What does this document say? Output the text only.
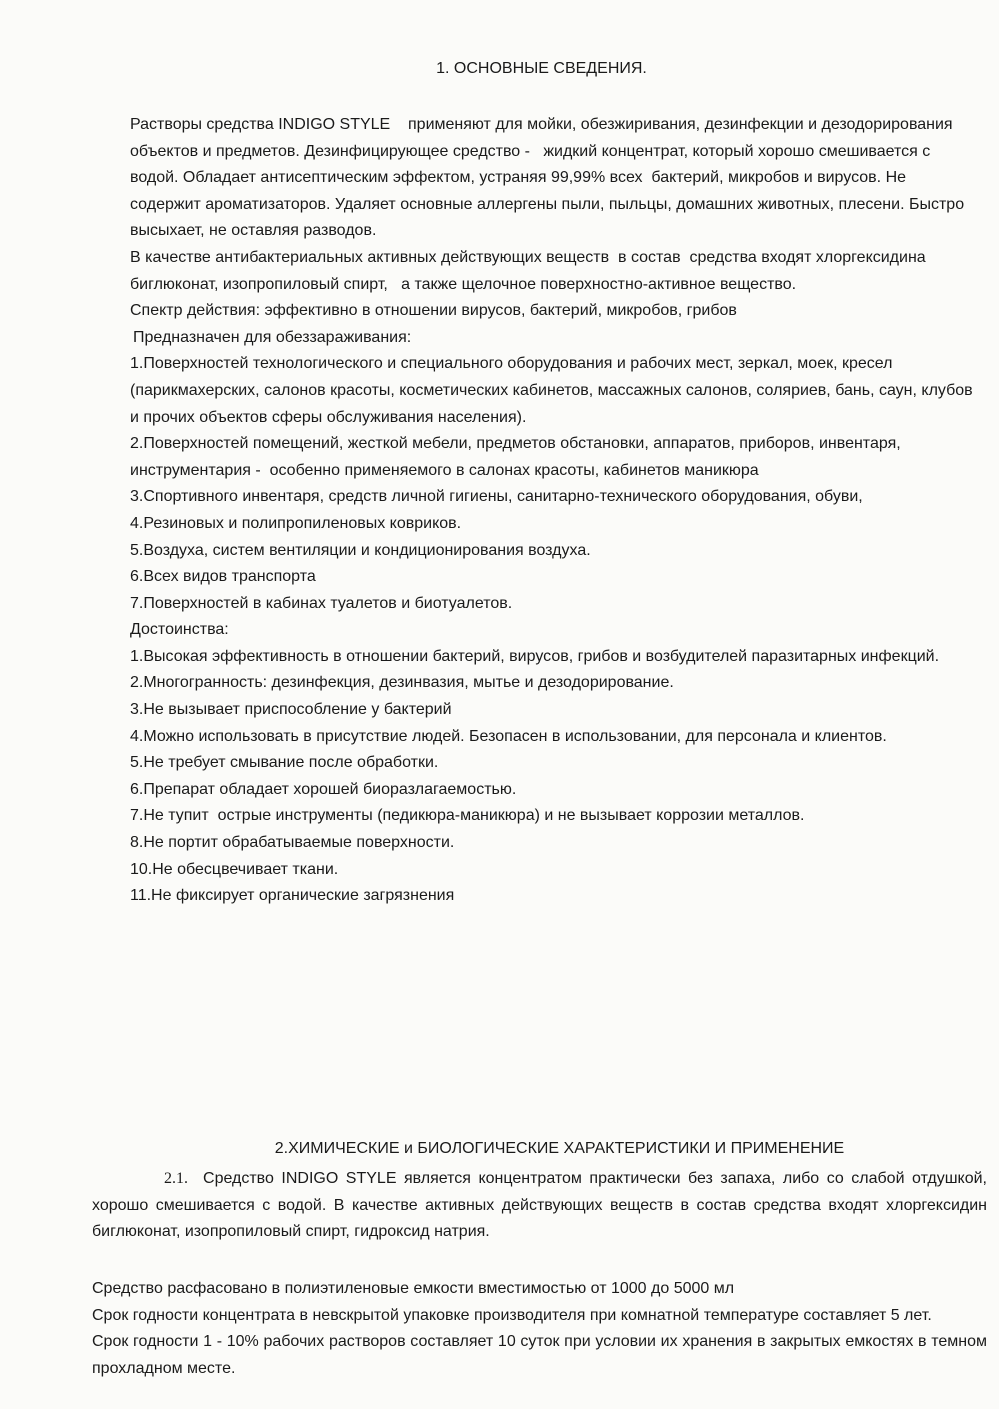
1. ОСНОВНЫЕ СВЕДЕНИЯ.

Растворы средства INDIGO STYLE    применяют для мойки, обезжиривания, дезинфекции и дезодорирования объектов и предметов. Дезинфицирующее средство -   жидкий концентрат, который хорошо смешивается с водой. Обладает антисептическим эффектом, устраняя 99,99% всех  бактерий, микробов и вирусов. Не содержит ароматизаторов. Удаляет основные аллергены пыли, пыльцы, домашних животных, плесени. Быстро высыхает, не оставляя разводов.

В качестве антибактериальных активных действующих веществ  в состав  средства входят хлоргексидина биглюконат, изопропиловый спирт,   а также щелочное поверхностно-активное вещество.

Спектр действия: эффективно в отношении вирусов, бактерий, микробов, грибов

Предназначен для обеззараживания:

1.Поверхностей технологического и специального оборудования и рабочих мест, зеркал, моек, кресел (парикмахерских, салонов красоты, косметических кабинетов, массажных салонов, соляриев, бань, саун, клубов и прочих объектов сферы обслуживания населения).

2.Поверхностей помещений, жесткой мебели, предметов обстановки, аппаратов, приборов, инвентаря, инструментария -  особенно применяемого в салонах красоты, кабинетов маникюра

3.Спортивного инвентаря, средств личной гигиены, санитарно-технического оборудования, обуви,

4.Резиновых и полипропиленовых ковриков.

5.Воздуха, систем вентиляции и кондиционирования воздуха.

6.Всех видов транспорта

7.Поверхностей в кабинах туалетов и биотуалетов.

Достоинства:

1.Высокая эффективность в отношении бактерий, вирусов, грибов и возбудителей паразитарных инфекций.

2.Многогранность: дезинфекция, дезинвазия, мытье и дезодорирование.

3.Не вызывает приспособление у бактерий

4.Можно использовать в присутствие людей. Безопасен в использовании, для персонала и клиентов.

5.Не требует смывание после обработки.

6.Препарат обладает хорошей биоразлагаемостью.

7.Не тупит  острые инструменты (педикюра-маникюра) и не вызывает коррозии металлов.

8.Не портит обрабатываемые поверхности.

10.Не обесцвечивает ткани.

11.Не фиксирует органические загрязнения

2.ХИМИЧЕСКИЕ и БИОЛОГИЧЕСКИЕ ХАРАКТЕРИСТИКИ И ПРИМЕНЕНИЕ

2.1. Средство INDIGO STYLE является концентратом практически без запаха, либо со слабой отдушкой, хорошо смешивается с водой. В качестве активных действующих веществ в состав средства входят хлоргексидин биглюконат, изопропиловый спирт, гидроксид натрия.

Средство расфасовано в полиэтиленовые емкости вместимостью от 1000 до 5000 мл

Срок годности концентрата в невскрытой упаковке производителя при комнатной температуре составляет 5 лет.

Срок годности 1 - 10% рабочих растворов составляет 10 суток при условии их хранения в закрытых емкостях в темном прохладном месте.
